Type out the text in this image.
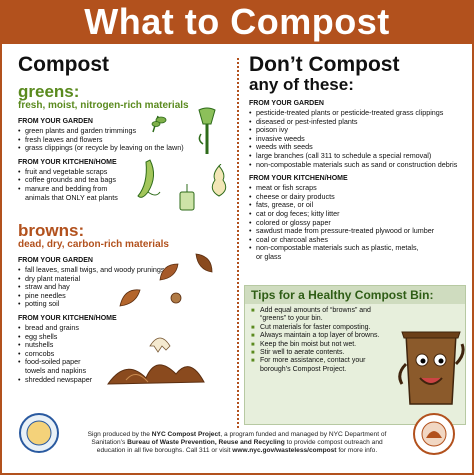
What to Compost
Compost
greens:
fresh, moist, nitrogen-rich materials
FROM YOUR GARDEN
• green plants and garden trimmings
• fresh leaves and flowers
• grass clippings (or recycle by leaving on the lawn)
FROM YOUR KITCHEN/HOME
• fruit and vegetable scraps
• coffee grounds and tea bags
• manure and bedding from
animals that ONLY eat plants
browns:
dead, dry, carbon-rich materials
FROM YOUR GARDEN
• fall leaves, small twigs, and woody prunings
• dry plant material
• straw and hay
• pine needles
• potting soil
FROM YOUR KITCHEN/HOME
• bread and grains
• egg shells
• nutshells
• corncobs
• food-soiled paper
towels and napkins
• shredded newspaper
Don’t Compost
any of these:
FROM YOUR GARDEN
• pesticide-treated plants or pesticide-treated grass clippings
• diseased or pest-infested plants
• poison ivy
• invasive weeds
• weeds with seeds
• large branches (call 311 to schedule a special removal)
• non-compostable materials such as sand or construction debris
FROM YOUR KITCHEN/HOME
• meat or fish scraps
• cheese or dairy products
• fats, grease, or oil
• cat or dog feces; kitty litter
• colored or glossy paper
• sawdust made from pressure-treated plywood or lumber
• coal or charcoal ashes
• non-compostable materials such as plastic, metals,
or glass
Tips for a Healthy Compost Bin:
■ Add equal amounts of “browns” and “greens” to your bin.
■ Cut materials for faster composting.
■ Always maintain a top layer of browns.
■ Keep the bin moist but not wet.
■ Stir well to aerate contents.
■ For more assistance, contact your borough’s Compost Project.
Sign produced by the NYC Compost Project, a program funded and managed by NYC Department of
Sanitation’s Bureau of Waste Prevention, Reuse and Recycling to provide compost outreach and
education in all five boroughs. Call 311 or visit www.nyc.gov/wasteless/compost for more info.
